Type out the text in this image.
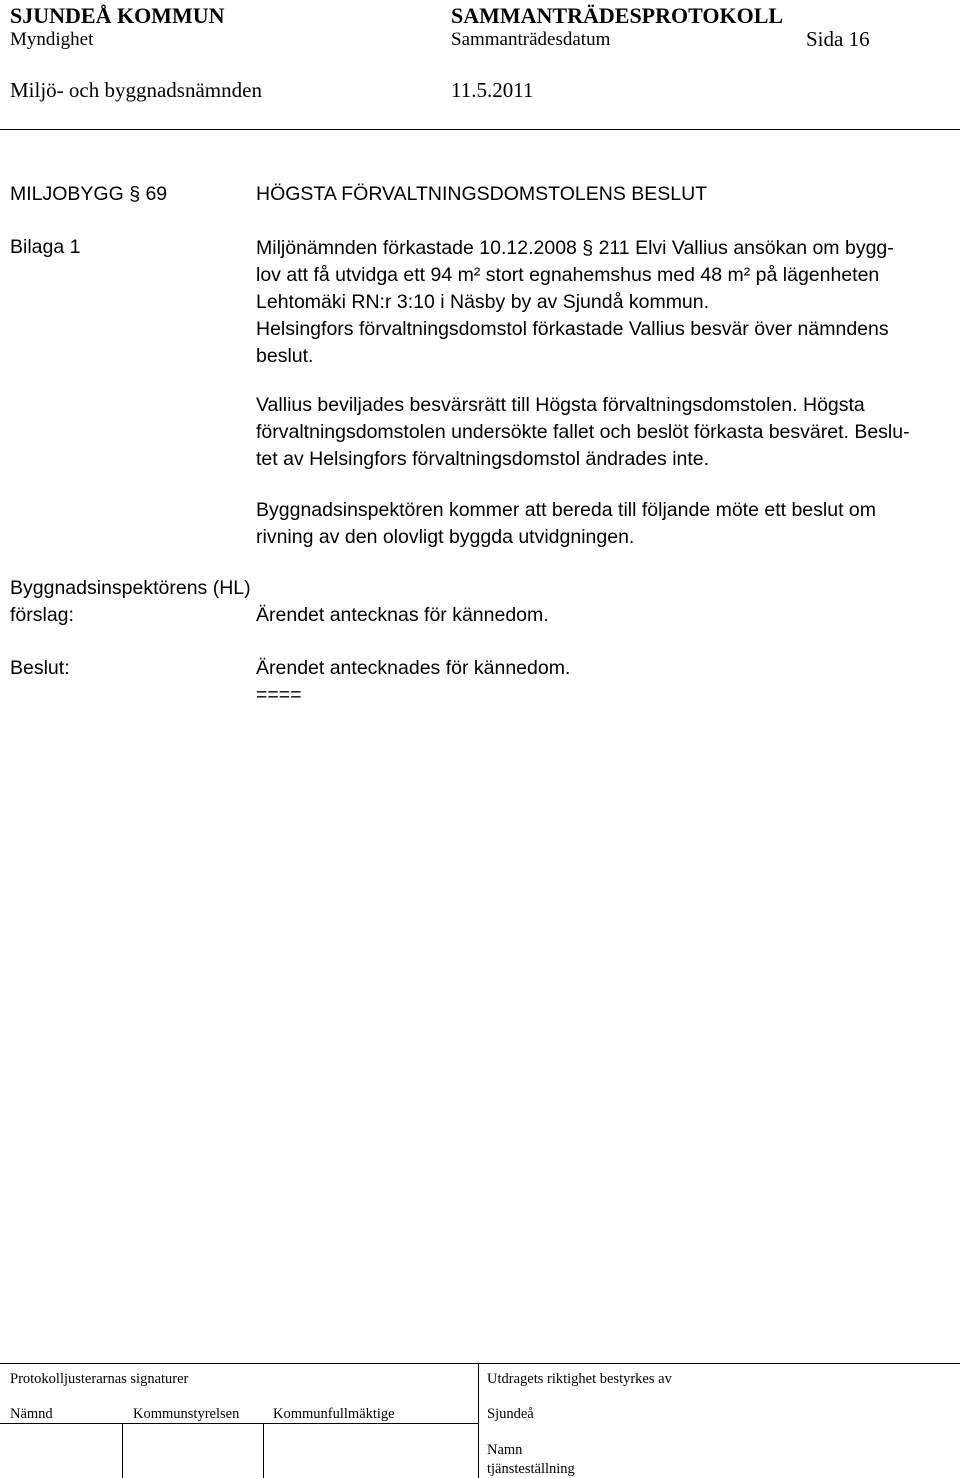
SJUNDEÅ KOMMUN	SAMMANTRÄDESPROTOKOLL
Myndighet	Sammanträdesdatum	Sida 16
Miljö- och byggnadsnämnden	11.5.2011
MILJOBYGG § 69	HÖGSTA FÖRVALTNINGSDOMSTOLENS BESLUT
Bilaga 1	Miljönämnden förkastade 10.12.2008 § 211 Elvi Vallius ansökan om bygg-

lov att få utvidga ett 94 m² stort egnahemshus med 48 m² på lägenheten

Lehtomäki RN:r 3:10 i Näsby by av Sjundå kommun.

Helsingfors förvaltningsdomstol förkastade Vallius besvär över nämndens

beslut.

Vallius beviljades besvärsrätt till Högsta förvaltningsdomstolen. Högsta

förvaltningsdomstolen undersökte fallet och beslöt förkasta besväret. Beslu-

tet av Helsingfors förvaltningsdomstol ändrades inte.

Byggnadsinspektören kommer att bereda till följande möte ett beslut om

rivning av den olovligt byggda utvidgningen.

Byggnadsinspektörens (HL)
förslag:	Ärendet antecknas för kännedom.
Beslut:	Ärendet antecknades för kännedom.
====
Protokolljusterarnas signaturer	Utdragets riktighet bestyrkes av
Nämnd	Kommunstyrelsen Kommunfullmäktige	Sjundeå
Namn
tjänsteställning
